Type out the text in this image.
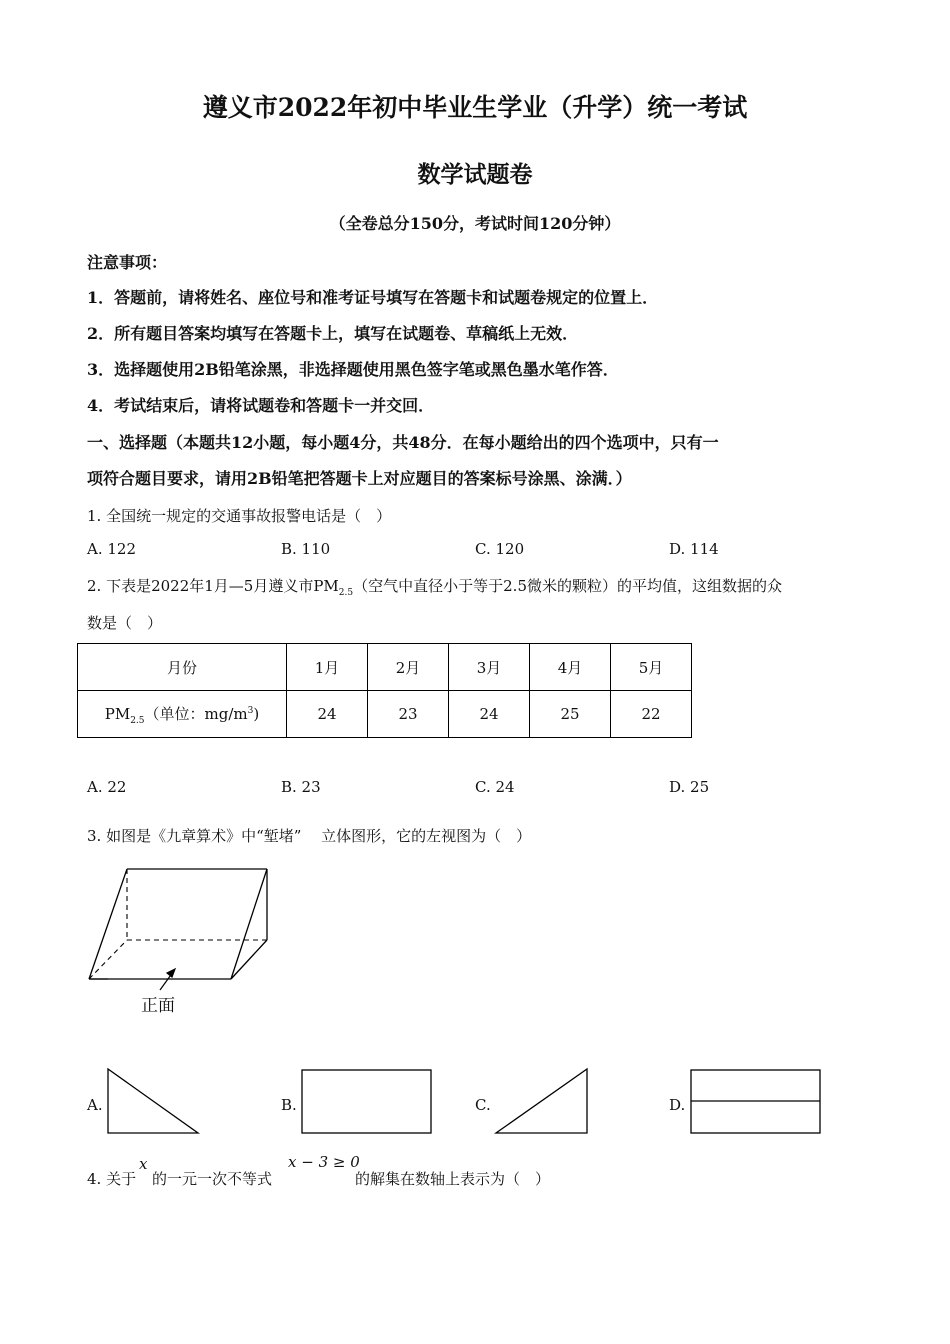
遵义市2022年初中毕业生学业（升学）统一考试
数学试题卷
（全卷总分150分，考试时间120分钟）
注意事项：
1．答题前，请将姓名、座位号和准考证号填写在答题卡和试题卷规定的位置上．
2．所有题目答案均填写在答题卡上，填写在试题卷、草稿纸上无效．
3．选择题使用2B铅笔涂黑，非选择题使用黑色签字笔或黑色墨水笔作答．
4．考试结束后，请将试题卷和答题卡一并交回．
一、选择题（本题共12小题，每小题4分，共48分．在每小题给出的四个选项中，只有一
项符合题目要求，请用2B铅笔把答题卡上对应题目的答案标号涂黑、涂满．）
1. 全国统一规定的交通事故报警电话是（　）
A. 122	B. 110	C. 120	D. 114
2. 下表是2022年1月—5月遵义市$PM_{2.5}$（空气中直径小于等于2.5微米的颗粒）的平均值，这组数据的众
数是（　）
月份	1月	2月	3月	4月	5月
$PM_{2.5}$（单位：$mg/m^3$)	24	23	24	25	22
A. 22	B. 23	C. 24	D. 25
3. 如图是《九章算术》中“堑堵”　 立体图形，它的左视图为（　）
正面
A.	B.	C.	D.
4. 关于
x
的一元一次不等式
x − 3 ≥ 0
的解集在数轴上表示为（　）
